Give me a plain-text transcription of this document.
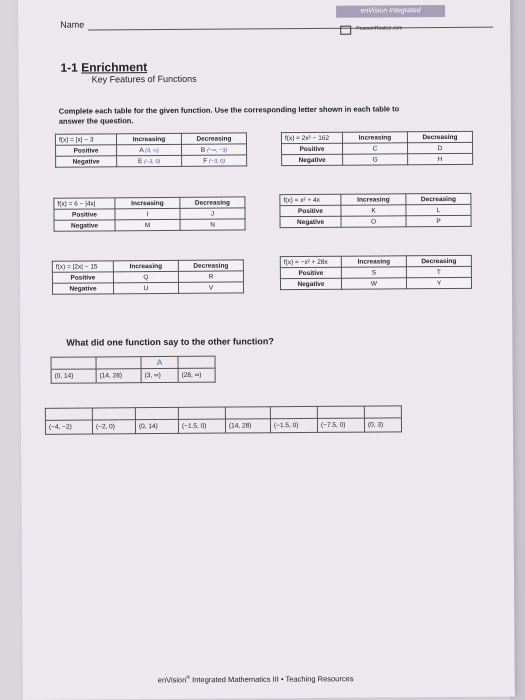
Name
enVision Integrated
PearsonRealize.com
1-1 Enrichment
Key Features of Functions
Complete each table for the given function. Use the corresponding letter shown in each table to answer the question.
f(x) = |x| − 3	Increasing	Decreasing
Positive	A (3, ∞)	B (−∞, −3)
Negative	E (−3, 0)	F (−3, 0)
f(x) = 2x² − 162	Increasing	Decreasing
Positive	C	D
Negative	G	H
f(x) = 6 − |4x|	Increasing	Decreasing
Positive	I	J
Negative	M	N
f(x) = x² + 4x	Increasing	Decreasing
Positive	K	L
Negative	O	P
f(x) = |2x| − 15	Increasing	Decreasing
Positive	Q	R
Negative	U	V
f(x) = −x² + 28x	Increasing	Decreasing
Positive	S	T
Negative	W	Y
What did one function say to the other function?
		A	
(0, 14)	(14, 28)	(3, ∞)	(28, ∞)

(−4, −2)	(−2, 0)	(0, 14)	(−1.5, 0)	(14, 28)	(−1.5, 0)	(−7.5, 0)	(0, 3)
enVision® Integrated Mathematics III • Teaching Resources
